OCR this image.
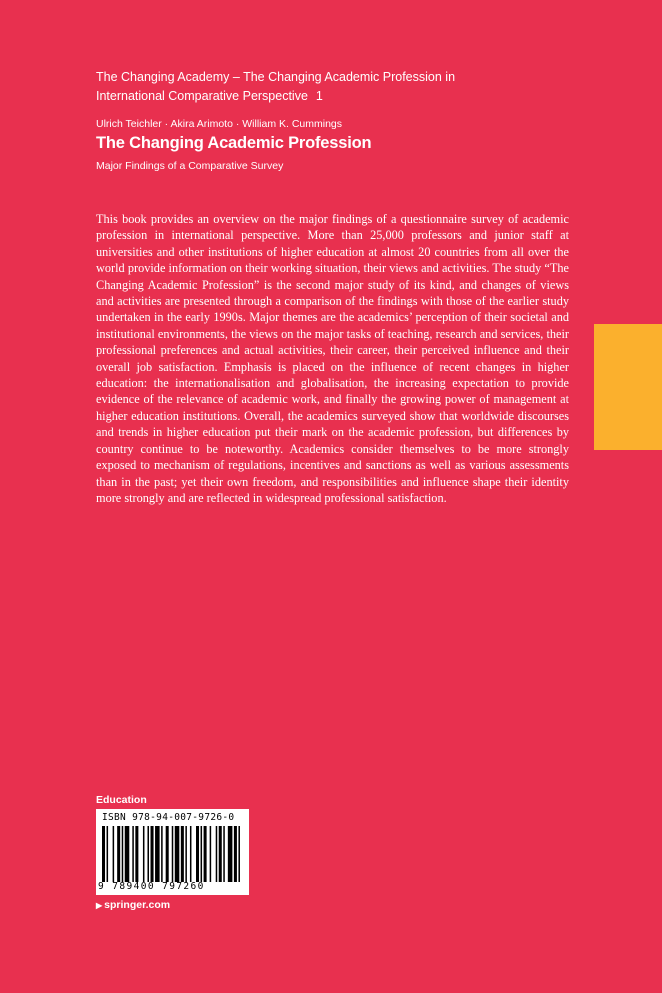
The Changing Academy – The Changing Academic Profession in
International Comparative Perspective 1
Ulrich Teichler · Akira Arimoto · William K. Cummings
The Changing Academic Profession
Major Findings of a Comparative Survey

This book provides an overview on the major findings of a questionnaire survey of academic profession in international perspective. More than 25,000 professors and junior staff at universities and other institutions of higher education at almost 20 countries from all over the world provide information on their working situation, their views and activities. The study “The Changing Academic Profession” is the second major study of its kind, and changes of views and activities are presented through a comparison of the findings with those of the earlier study undertaken in the early 1990s. Major themes are the academics’ perception of their societal and institutional environments, the views on the major tasks of teaching, research and services, their professional preferences and actual activities, their career, their perceived influence and their overall job satisfaction. Emphasis is placed on the influence of recent changes in higher education: the internationalisation and globalisation, the increasing expectation to provide evidence of the relevance of academic work, and finally the growing power of management at higher education institutions. Overall, the academics surveyed show that worldwide discourses and trends in higher education put their mark on the academic profession, but differences by country continue to be noteworthy. Academics consider themselves to be more strongly exposed to mechanism of regulations, incentives and sanctions as well as various assessments than in the past; yet their own freedom, and responsibilities and influence shape their identity more strongly and are reflected in widespread professional satisfaction.

Education
ISBN 978-94-007-9726-0
9 789400 797260
▶ springer.com
